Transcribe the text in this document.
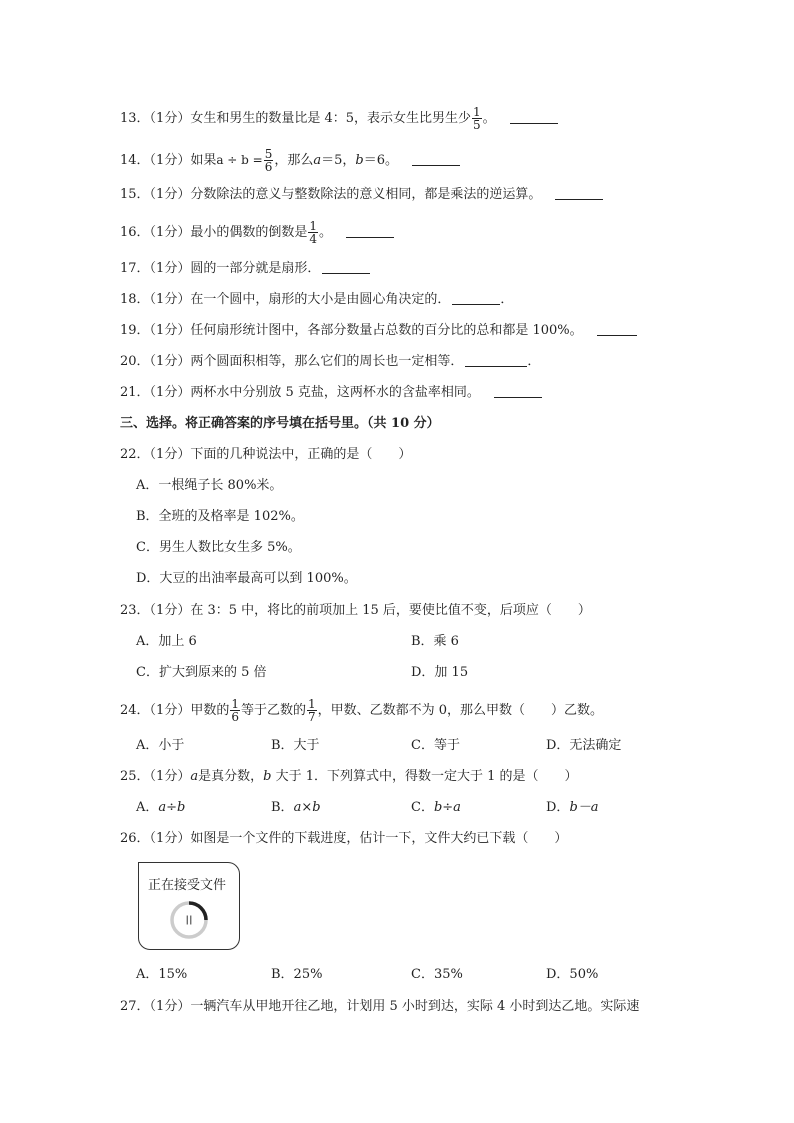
13．（1分）女生和男生的数量比是 4：5，表示女生比男生少 $\frac{1}{5}$ 。
14．（1分）如果$a \div b = \frac{5}{6}$ ，那么a＝5，b＝6。
15．（1分）分数除法的意义与整数除法的意义相同，都是乘法的逆运算。
16．（1分）最小的偶数的倒数是 $\frac{1}{4}$ 。
17．（1分）圆的一部分就是扇形．
18．（1分）在一个圆中，扇形的大小是由圆心角决定的．	．
19．（1分）任何扇形统计图中，各部分数量占总数的百分比的总和都是 100%。
20．（1分）两个圆面积相等，那么它们的周长也一定相等．	．
21．（1分）两杯水中分别放 5 克盐，这两杯水的含盐率相同。
三、选择。将正确答案的序号填在括号里。（共 10 分）
22．（1分）下面的几种说法中，正确的是（　　）
A．一根绳子长 80%米。
B．全班的及格率是 102%。
C．男生人数比女生多 5%。
D．大豆的出油率最高可以到 100%。
23．（1分）在 3：5 中，将比的前项加上 15 后，要使比值不变，后项应（　　）
A．加上 6	B．乘 6
C．扩大到原来的 5 倍	D．加 15
24．（1分）甲数的 $\frac{1}{6}$ 等于乙数的 $\frac{1}{7}$ ，甲数、乙数都不为 0，那么甲数（　　）乙数。
A．小于	B．大于	C．等于	D．无法确定
25．（1分）a是真分数，b 大于 1．下列算式中，得数一定大于 1 的是（　　）
A．a÷b	B．a×b	C．b÷a	D．b－a
26．（1分）如图是一个文件的下载进度，估计一下，文件大约已下载（　　）
正在接受文件
II
A．15%	B．25%	C．35%	D．50%
27．（1分）一辆汽车从甲地开往乙地，计划用 5 小时到达，实际 4 小时到达乙地。实际速
